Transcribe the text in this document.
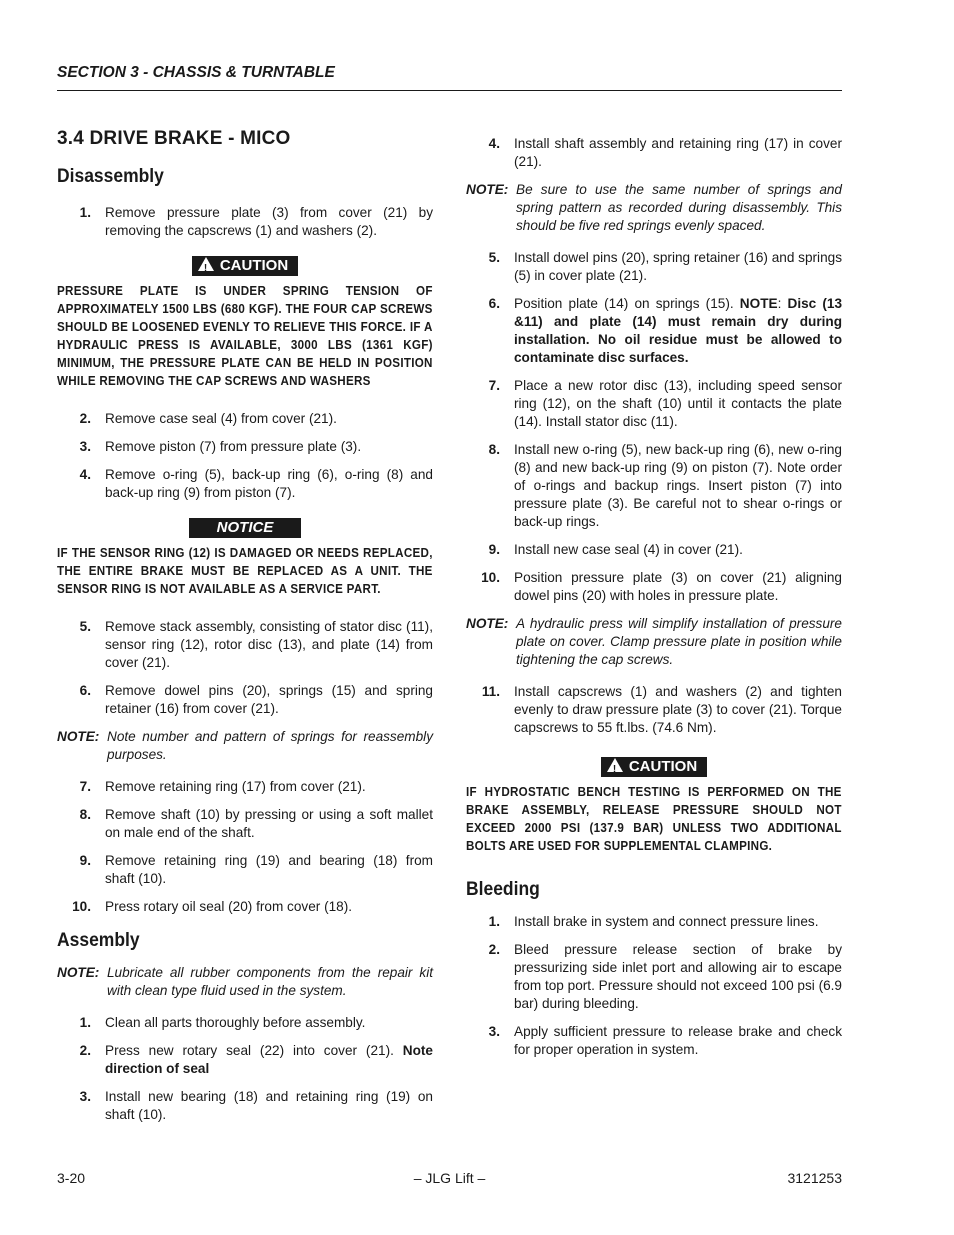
SECTION 3 - CHASSIS & TURNTABLE
3.4 DRIVE BRAKE - MICO
Disassembly
1.	Remove pressure plate (3) from cover (21) by removing the capscrews (1) and washers (2).
! CAUTION
PRESSURE PLATE IS UNDER SPRING TENSION OF APPROXIMATELY 1500 LBS (680 KGF). THE FOUR CAP SCREWS SHOULD BE LOOSENED EVENLY TO RELIEVE THIS FORCE. IF A HYDRAULIC PRESS IS AVAILABLE, 3000 LBS (1361 KGF) MINIMUM, THE PRESSURE PLATE CAN BE HELD IN POSITION WHILE REMOVING THE CAP SCREWS AND WASHERS
2.	Remove case seal (4) from cover (21).
3.	Remove piston (7) from pressure plate (3).
4.	Remove o-ring (5), back-up ring (6), o-ring (8) and back-up ring (9) from piston (7).
NOTICE
IF THE SENSOR RING (12) IS DAMAGED OR NEEDS REPLACED, THE ENTIRE BRAKE MUST BE REPLACED AS A UNIT. THE SENSOR RING IS NOT AVAILABLE AS A SERVICE PART.
5.	Remove stack assembly, consisting of stator disc (11), sensor ring (12), rotor disc (13), and plate (14) from cover (21).
6.	Remove dowel pins (20), springs (15) and spring retainer (16) from cover (21).
NOTE: Note number and pattern of springs for reassembly purposes.
7.	Remove retaining ring (17) from cover (21).
8.	Remove shaft (10) by pressing or using a soft mallet on male end of the shaft.
9.	Remove retaining ring (19) and bearing (18) from shaft (10).
10.	Press rotary oil seal (20) from cover (18).
Assembly
NOTE: Lubricate all rubber components from the repair kit with clean type fluid used in the system.
1.	Clean all parts thoroughly before assembly.
2.	Press new rotary seal (22) into cover (21). Note direction of seal
3.	Install new bearing (18) and retaining ring (19) on shaft (10).
4.	Install shaft assembly and retaining ring (17) in cover (21).
NOTE: Be sure to use the same number of springs and spring pattern as recorded during disassembly. This should be five red springs evenly spaced.
5.	Install dowel pins (20), spring retainer (16) and springs (5) in cover plate (21).
6.	Position plate (14) on springs (15). NOTE: Disc (13 &11) and plate (14) must remain dry during installation. No oil residue must be allowed to contaminate disc surfaces.
7.	Place a new rotor disc (13), including speed sensor ring (12), on the shaft (10) until it contacts the plate (14). Install stator disc (11).
8.	Install new o-ring (5), new back-up ring (6), new o-ring (8) and new back-up ring (9) on piston (7). Note order of o-rings and backup rings. Insert piston (7) into pressure plate (3). Be careful not to shear o-rings or back-up rings.
9.	Install new case seal (4) in cover (21).
10.	Position pressure plate (3) on cover (21) aligning dowel pins (20) with holes in pressure plate.
NOTE: A hydraulic press will simplify installation of pressure plate on cover. Clamp pressure plate in position while tightening the cap screws.
11.	Install capscrews (1) and washers (2) and tighten evenly to draw pressure plate (3) to cover (21). Torque capscrews to 55 ft.lbs. (74.6 Nm).
! CAUTION
IF HYDROSTATIC BENCH TESTING IS PERFORMED ON THE BRAKE ASSEMBLY, RELEASE PRESSURE SHOULD NOT EXCEED 2000 PSI (137.9 BAR) UNLESS TWO ADDITIONAL BOLTS ARE USED FOR SUPPLEMENTAL CLAMPING.
Bleeding
1.	Install brake in system and connect pressure lines.
2.	Bleed pressure release section of brake by pressurizing side inlet port and allowing air to escape from top port. Pressure should not exceed 100 psi (6.9 bar) during bleeding.
3.	Apply sufficient pressure to release brake and check for proper operation in system.
3-20	– JLG Lift –	3121253
